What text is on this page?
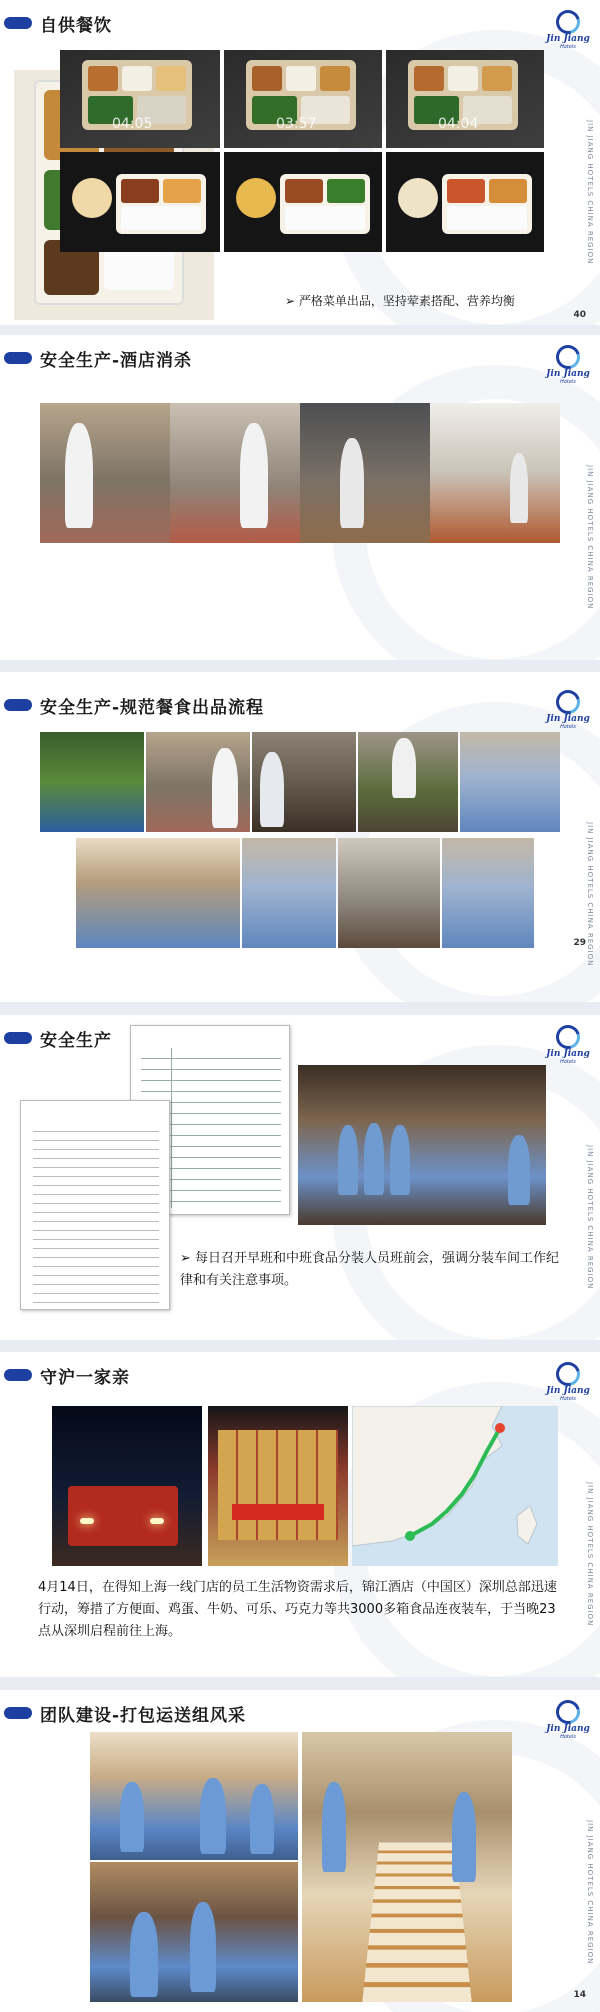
自供餐饮
Jin Jiang
Hotels
JIN JIANG HOTELS CHINA REGION
04:05	03:57	04:04
➢ 严格菜单出品，坚持荤素搭配、营养均衡
40
安全生产-酒店消杀
Jin Jiang
Hotels
JIN JIANG HOTELS CHINA REGION
安全生产-规范餐食出品流程
Jin Jiang
Hotels
JIN JIANG HOTELS CHINA REGION
29
安全生产
Jin Jiang
Hotels
JIN JIANG HOTELS CHINA REGION
➢ 每日召开早班和中班食品分装人员班前会，强调分装车间工作纪律和有关注意事项。
守沪一家亲
Jin Jiang
Hotels
JIN JIANG HOTELS CHINA REGION
4月14日，在得知上海一线门店的员工生活物资需求后，锦江酒店（中国区）深圳总部迅速行动，筹措了方便面、鸡蛋、牛奶、可乐、巧克力等共3000多箱食品连夜装车，于当晚23点从深圳启程前往上海。
团队建设-打包运送组风采
Jin Jiang
Hotels
JIN JIANG HOTELS CHINA REGION
14
